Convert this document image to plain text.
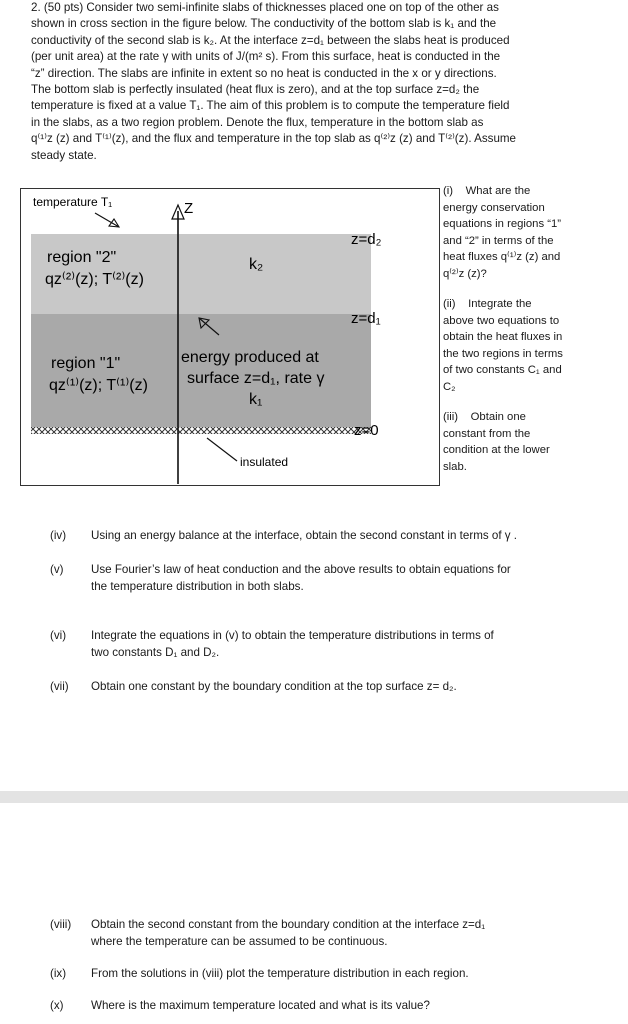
2. (50 pts) Consider two semi-infinite slabs of thicknesses placed one on top of the other as
shown in cross section in the figure below. The conductivity of the bottom slab is k₁ and the
conductivity of the second slab is k₂. At the interface z=d₁ between the slabs heat is produced
(per unit area) at the rate γ with units of J/(m² s). From this surface, heat is conducted in the
“z” direction. The slabs are infinite in extent so no heat is conducted in the x or y directions.
The bottom slab is perfectly insulated (heat flux is zero), and at the top surface z=d₂ the
temperature is fixed at a value T₁. The aim of this problem is to compute the temperature field
in the slabs, as a two region problem. Denote the flux, temperature in the bottom slab as
q⁽¹⁾ᴢ (z) and T⁽¹⁾(z), and the flux and temperature in the top slab as q⁽²⁾ᴢ (z) and T⁽²⁾(z). Assume
steady state.
Z
temperature T₁
z=d₂
z=d₁
z=0
region "2"
qᴢ⁽²⁾(z); T⁽²⁾(z)
k₂
region "1"
qᴢ⁽¹⁾(z); T⁽¹⁾(z)
energy produced at
surface z=d₁, rate γ
k₁
insulated

(i) What are the energy conservation equations in regions “1” and “2” in terms of the heat fluxes q⁽¹⁾ᴢ (z) and q⁽²⁾ᴢ (z)?

(ii) Integrate the above two equations to obtain the heat fluxes in the two regions in terms of two constants C₁ and C₂

(iii) Obtain one constant from the condition at the lower slab.

(iv) Using an energy balance at the interface, obtain the second constant in terms of γ .
(v) Use Fourier’s law of heat conduction and the above results to obtain equations for
the temperature distribution in both slabs.
(vi) Integrate the equations in (v) to obtain the temperature distributions in terms of
two constants D₁ and D₂.
(vii) Obtain one constant by the boundary condition at the top surface z= d₂.
(viii) Obtain the second constant from the boundary condition at the interface z=d₁
where the temperature can be assumed to be continuous.
(ix) From the solutions in (viii) plot the temperature distribution in each region.
(x) Where is the maximum temperature located and what is its value?
